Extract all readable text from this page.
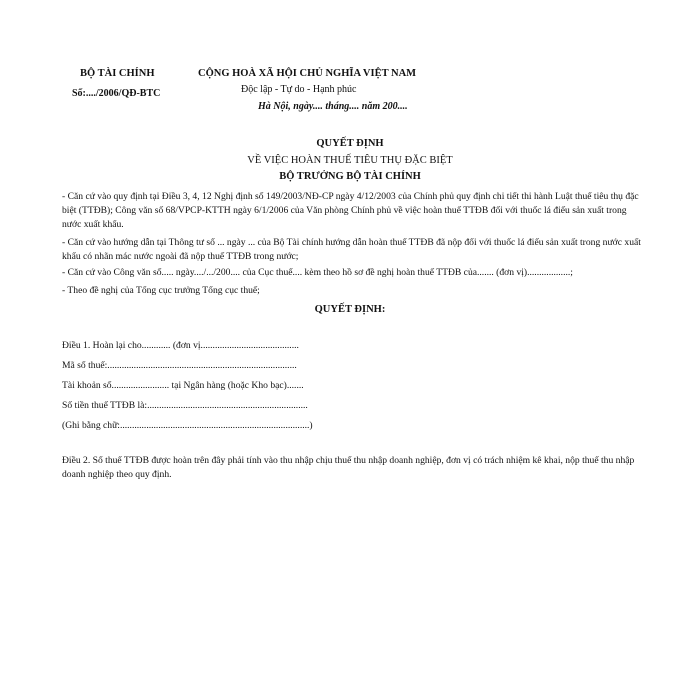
BỘ TÀI CHÍNH
Số:..../2006/QĐ-BTC
CỘNG HOÀ XÃ HỘI CHỦ NGHĨA VIỆT NAM
Độc lập - Tự do - Hạnh phúc
Hà Nội, ngày.... tháng.... năm 200....
QUYẾT ĐỊNH
VỀ VIỆC HOÀN THUẾ TIÊU THỤ ĐẶC BIỆT
BỘ TRƯỞNG BỘ TÀI CHÍNH
- Căn cứ vào quy định tại Điều 3, 4, 12 Nghị định số 149/2003/NĐ-CP ngày 4/12/2003 của Chính phủ quy định chi tiết thi hành Luật thuế tiêu thụ đặc biệt (TTĐB); Công văn số 68/VPCP-KTTH ngày 6/1/2006 của Văn phòng Chính phủ về việc hoàn thuế TTĐB đối với thuốc lá điếu sản xuất trong nước xuất khẩu.
- Căn cứ vào hướng dẫn tại Thông tư số ... ngày ... của Bộ Tài chính hướng dẫn hoàn thuế TTĐB đã nộp đối với thuốc lá điếu sản xuất trong nước xuất khẩu có nhãn mác nước ngoài đã nộp thuế TTĐB trong nước;
- Căn cứ vào Công văn số..... ngày..../.../200.... của Cục thuế.... kèm theo hồ sơ đề nghị hoàn thuế TTĐB của....... (đơn vị)..................;
- Theo đề nghị của Tổng cục trưởng Tổng cục thuế;
QUYẾT ĐỊNH:
Điều 1. Hoàn lại cho............ (đơn vị.........................................
Mã số thuế:...............................................................................
Tài khoản số........................ tại Ngân hàng (hoặc Kho bạc).......
Số tiền thuế TTĐB là:...................................................................
(Ghi bằng chữ:...............................................................................)
Điều 2. Số thuế TTĐB được hoàn trên đây phải tính vào thu nhập chịu thuế thu nhập doanh nghiệp, đơn vị có trách nhiệm kê khai, nộp thuế thu nhập doanh nghiệp theo quy định.
